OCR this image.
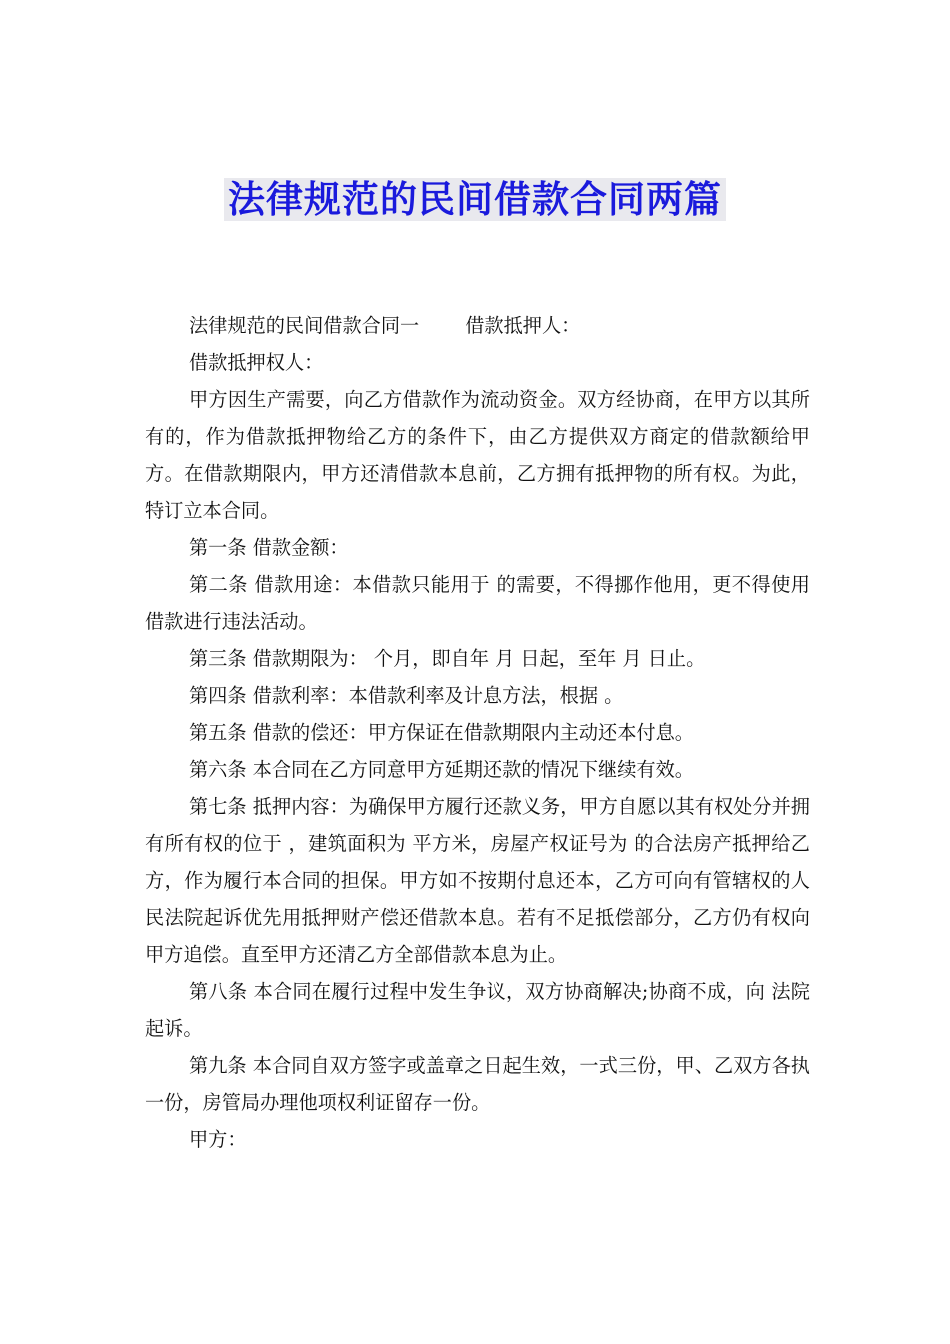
法律规范的民间借款合同两篇

法律规范的民间借款合同一 借款抵押人：

借款抵押权人：

甲方因生产需要，向乙方借款作为流动资金。双方经协商，在甲方以其所有的，作为借款抵押物给乙方的条件下，由乙方提供双方商定的借款额给甲方。在借款期限内，甲方还清借款本息前，乙方拥有抵押物的所有权。为此，特订立本合同。

第一条 借款金额：

第二条 借款用途：本借款只能用于 的需要，不得挪作他用，更不得使用借款进行违法活动。

第三条 借款期限为： 个月，即自年 月 日起，至年 月 日止。

第四条 借款利率：本借款利率及计息方法，根据 。

第五条 借款的偿还：甲方保证在借款期限内主动还本付息。

第六条 本合同在乙方同意甲方延期还款的情况下继续有效。

第七条 抵押内容：为确保甲方履行还款义务，甲方自愿以其有权处分并拥有所有权的位于 ，建筑面积为 平方米，房屋产权证号为 的合法房产抵押给乙方，作为履行本合同的担保。甲方如不按期付息还本，乙方可向有管辖权的人民法院起诉优先用抵押财产偿还借款本息。若有不足抵偿部分，乙方仍有权向甲方追偿。直至甲方还清乙方全部借款本息为止。

第八条 本合同在履行过程中发生争议，双方协商解决;协商不成，向 法院起诉。

第九条 本合同自双方签字或盖章之日起生效，一式三份，甲、乙双方各执一份，房管局办理他项权利证留存一份。

甲方：
